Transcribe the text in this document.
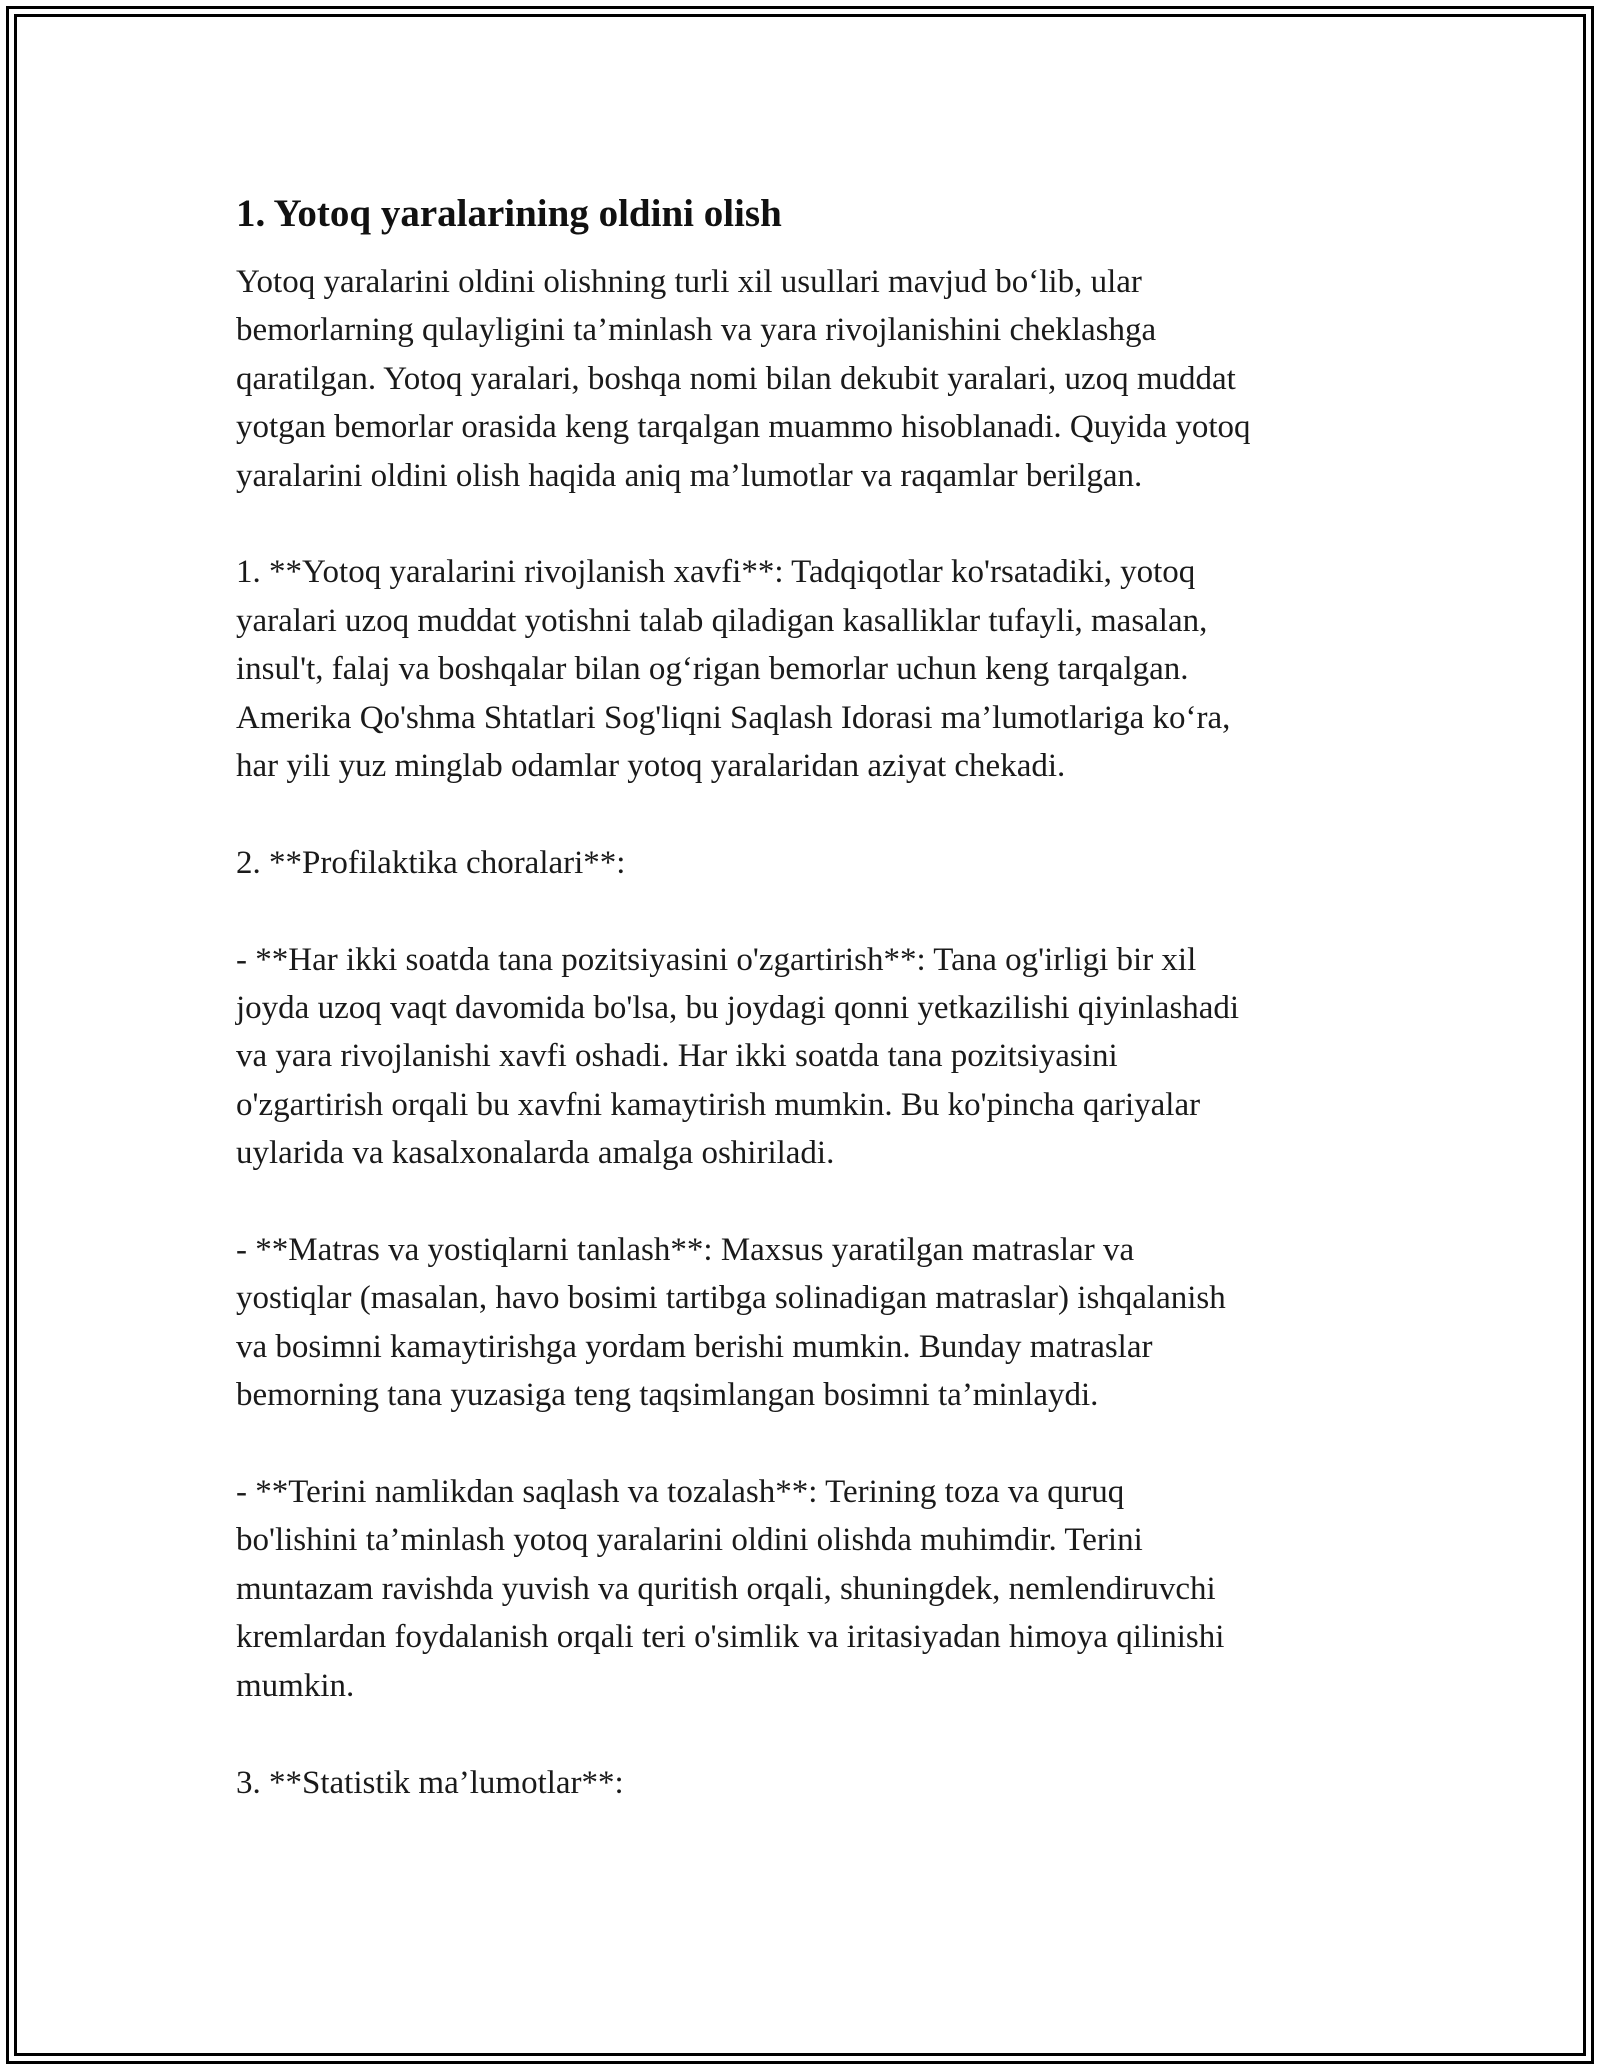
1. Yotoq yaralarining oldini olish

Yotoq yaralarini oldini olishning turli xil usullari mavjud bo‘lib, ular
bemorlarning qulayligini ta’minlash va yara rivojlanishini cheklashga
qaratilgan. Yotoq yaralari, boshqa nomi bilan dekubit yaralari, uzoq muddat
yotgan bemorlar orasida keng tarqalgan muammo hisoblanadi. Quyida yotoq
yaralarini oldini olish haqida aniq ma’lumotlar va raqamlar berilgan.

1. **Yotoq yaralarini rivojlanish xavfi**: Tadqiqotlar ko'rsatadiki, yotoq
yaralari uzoq muddat yotishni talab qiladigan kasalliklar tufayli, masalan,
insul't, falaj va boshqalar bilan og‘rigan bemorlar uchun keng tarqalgan.
Amerika Qo'shma Shtatlari Sog'liqni Saqlash Idorasi ma’lumotlariga ko‘ra,
har yili yuz minglab odamlar yotoq yaralaridan aziyat chekadi.

2. **Profilaktika choralari**:

- **Har ikki soatda tana pozitsiyasini o'zgartirish**: Tana og'irligi bir xil
joyda uzoq vaqt davomida bo'lsa, bu joydagi qonni yetkazilishi qiyinlashadi
va yara rivojlanishi xavfi oshadi. Har ikki soatda tana pozitsiyasini
o'zgartirish orqali bu xavfni kamaytirish mumkin. Bu ko'pincha qariyalar
uylarida va kasalxonalarda amalga oshiriladi.

- **Matras va yostiqlarni tanlash**: Maxsus yaratilgan matraslar va
yostiqlar (masalan, havo bosimi tartibga solinadigan matraslar) ishqalanish
va bosimni kamaytirishga yordam berishi mumkin. Bunday matraslar
bemorning tana yuzasiga teng taqsimlangan bosimni ta’minlaydi.

- **Terini namlikdan saqlash va tozalash**: Terining toza va quruq
bo'lishini ta’minlash yotoq yaralarini oldini olishda muhimdir. Terini
muntazam ravishda yuvish va quritish orqali, shuningdek, nemlendiruvchi
kremlardan foydalanish orqali teri o'simlik va iritasiyadan himoya qilinishi
mumkin.

3. **Statistik ma’lumotlar**:
